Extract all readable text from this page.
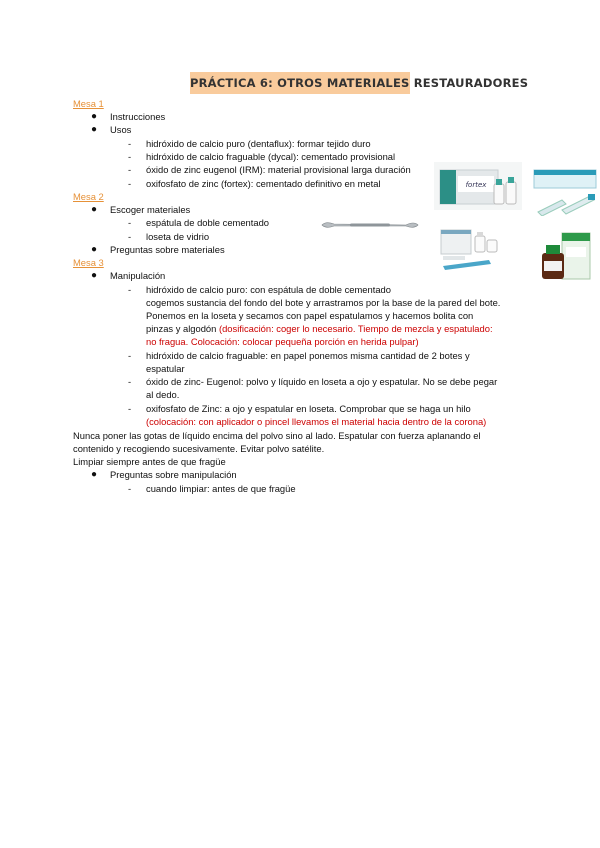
PRÁCTICA 6: OTROS MATERIALES RESTAURADORES
Mesa 1
● Instrucciones
● Usos
- hidróxido de calcio puro (dentaflux): formar tejido duro
- hidróxido de calcio fraguable (dycal): cementado provisional
- óxido de zinc eugenol (IRM): material provisional larga duración
- oxifosfato de zinc (fortex): cementado definitivo en metal
Mesa 2
● Escoger materiales
- espátula de doble cementado
- loseta de vidrio
● Preguntas sobre materiales
Mesa 3
● Manipulación
- hidróxido de calcio puro: con espátula de doble cementado
cogemos sustancia del fondo del bote y arrastramos por la base de la pared del bote.
Ponemos en la loseta y secamos con papel espatulamos y hacemos bolita con
pinzas y algodón (dosificación: coger lo necesario. Tiempo de mezcla y espatulado:
no fragua. Colocación: colocar pequeña porción en herida pulpar)
- hidróxido de calcio fraguable: en papel ponemos misma cantidad de 2 botes y
espatular
- óxido de zinc- Eugenol: polvo y líquido en loseta a ojo y espatular. No se debe pegar
al dedo.
- oxifosfato de Zinc: a ojo y espatular en loseta. Comprobar que se haga un hilo
(colocación: con aplicador o pincel llevamos el material hacia dentro de la corona)
Nunca poner las gotas de líquido encima del polvo sino al lado. Espatular con fuerza aplanando el
contenido y recogiendo sucesivamente. Evitar polvo satélite.
Limpiar siempre antes de que fragüe
● Preguntas sobre manipulación
- cuando limpiar: antes de que fragüe
fortex
